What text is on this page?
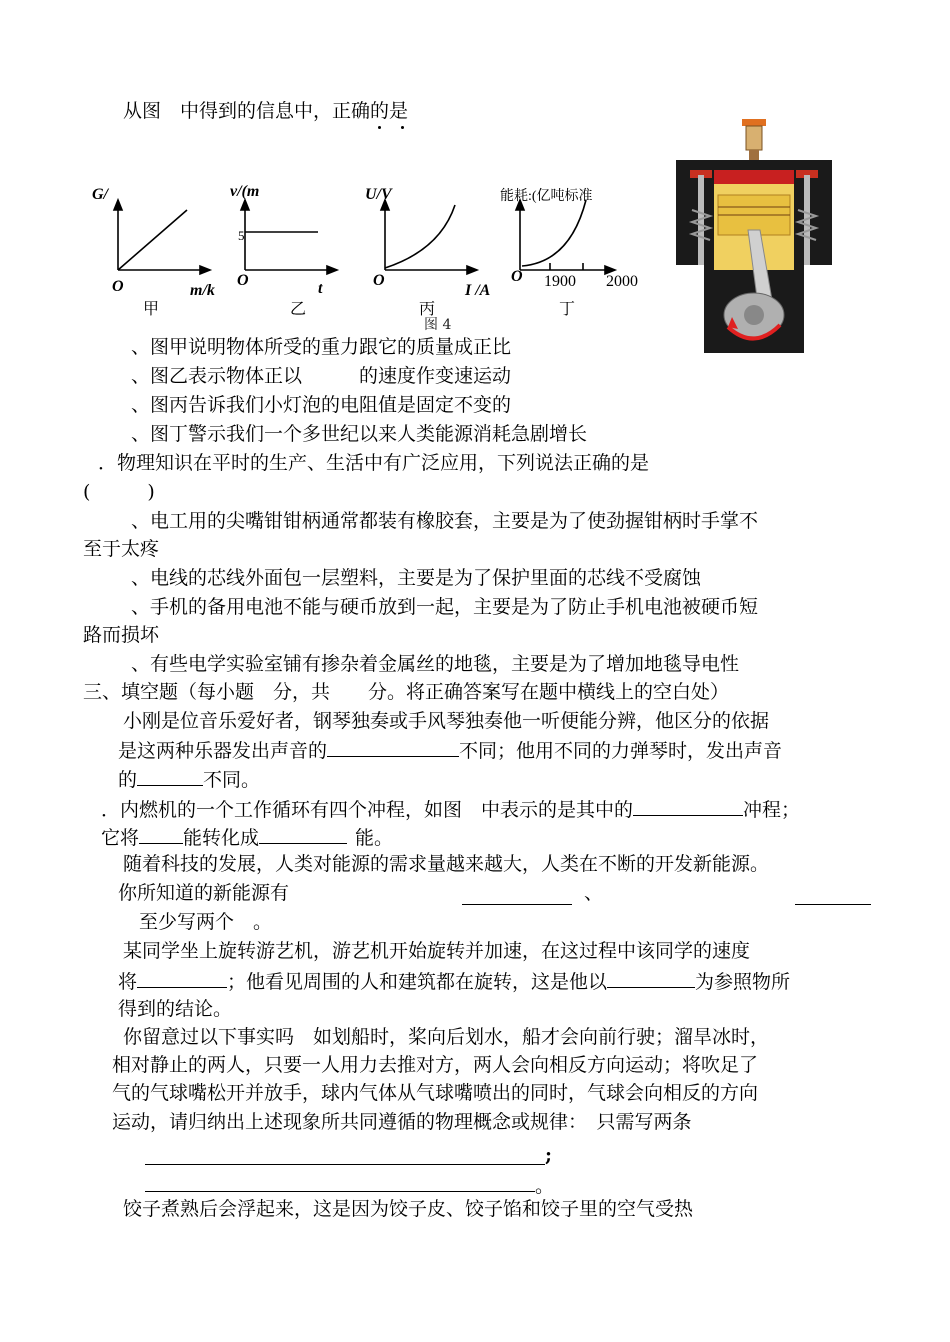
从图　中得到的信息中，正确的是
G/
O	m/k
甲
v/(m
5
O	t
乙
U/V
O
I /A
丙
能耗:(亿吨标准
O 1900 2000
丁
图 4
、图甲说明物体所受的重力跟它的质量成正比
、图乙表示物体正以　　　的速度作变速运动
、图丙告诉我们小灯泡的电阻值是固定不变的
、图丁警示我们一个多世纪以来人类能源消耗急剧增长
．物理知识在平时的生产、生活中有广泛应用，下列说法正确的是
(　　　)
、电工用的尖嘴钳钳柄通常都装有橡胶套，主要是为了使劲握钳柄时手掌不
至于太疼
、电线的芯线外面包一层塑料，主要是为了保护里面的芯线不受腐蚀
、手机的备用电池不能与硬币放到一起，主要是为了防止手机电池被硬币短
路而损坏
、有些电学实验室铺有掺杂着金属丝的地毯，主要是为了增加地毯导电性
三、填空题（每小题　分，共　　分。将正确答案写在题中横线上的空白处）
小刚是位音乐爱好者，钢琴独奏或手风琴独奏他一听便能分辨，他区分的依据
是这两种乐器发出声音的	不同；他用不同的力弹琴时，发出声音
的	不同。
．内燃机的一个工作循环有四个冲程，如图　中表示的是其中的	冲程；
它将 能转化成	能。
随着科技的发展，人类对能源的需求量越来越大，人类在不断的开发新能源。
你所知道的新能源有	、
至少写两个　。
某同学坐上旋转游艺机，游艺机开始旋转并加速，在这过程中该同学的速度
将	；他看见周围的人和建筑都在旋转，这是他以	为参照物所
得到的结论。
你留意过以下事实吗　如划船时，桨向后划水，船才会向前行驶；溜旱冰时，
相对静止的两人，只要一人用力去推对方，两人会向相反方向运动；将吹足了
气的气球嘴松开并放手，球内气体从气球嘴喷出的同时，气球会向相反的方向
运动，请归纳出上述现象所共同遵循的物理概念或规律：　只需写两条
;
。
饺子煮熟后会浮起来，这是因为饺子皮、饺子馅和饺子里的空气受热
